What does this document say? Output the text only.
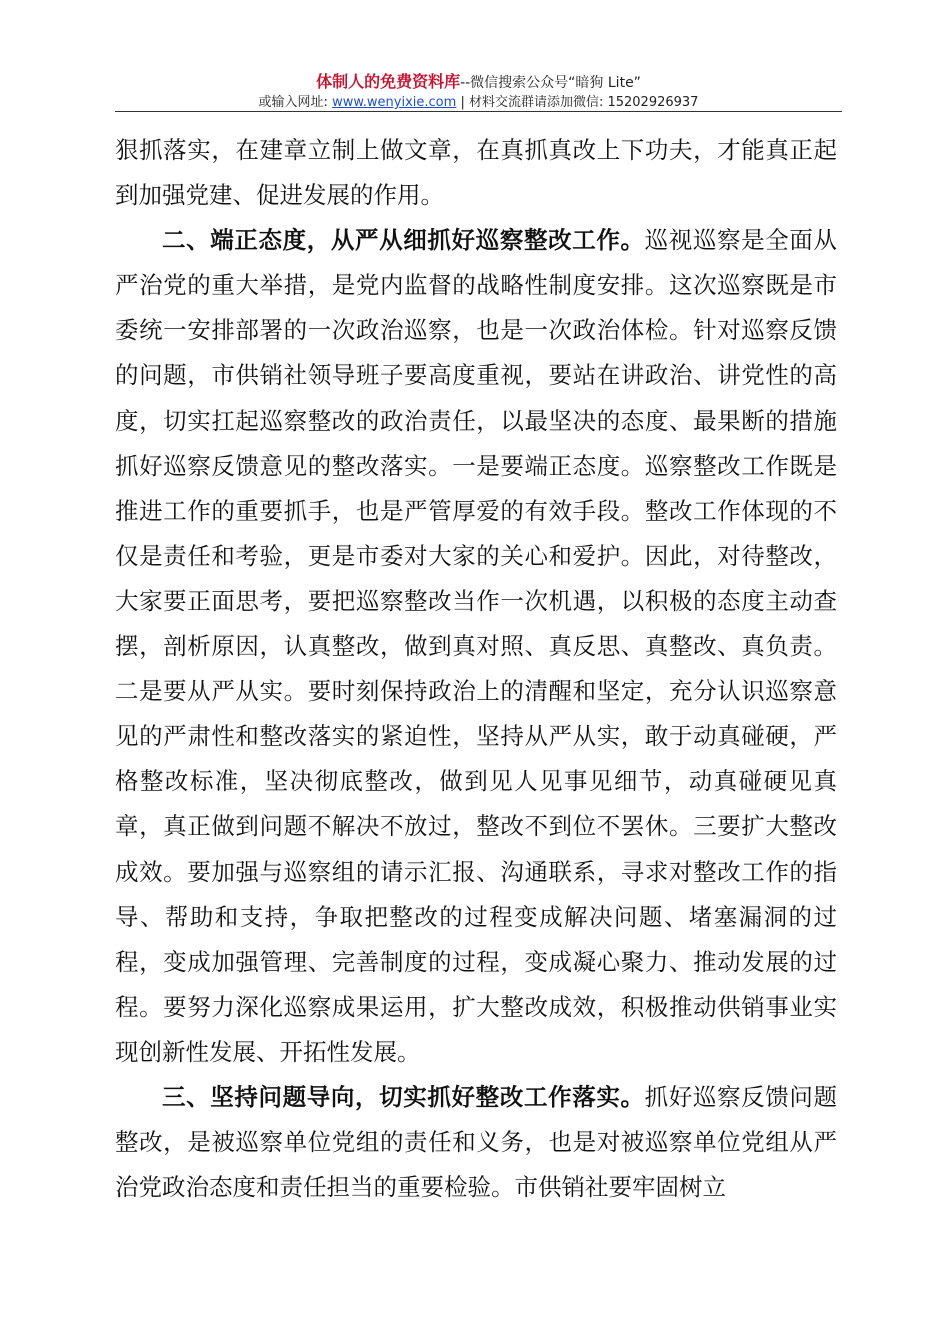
体制人的免费资料库--微信搜索公众号“暗狗 Lite”
或输入网址: www.wenyixie.com | 材料交流群请添加微信: 15202926937

狠抓落实，在建章立制上做文章，在真抓真改上下功夫，才能真正起到加强党建、促进发展的作用。

二、端正态度，从严从细抓好巡察整改工作。巡视巡察是全面从严治党的重大举措，是党内监督的战略性制度安排。这次巡察既是市委统一安排部署的一次政治巡察，也是一次政治体检。针对巡察反馈的问题，市供销社领导班子要高度重视，要站在讲政治、讲党性的高度，切实扛起巡察整改的政治责任，以最坚决的态度、最果断的措施抓好巡察反馈意见的整改落实。一是要端正态度。巡察整改工作既是推进工作的重要抓手，也是严管厚爱的有效手段。整改工作体现的不仅是责任和考验，更是市委对大家的关心和爱护。因此，对待整改，大家要正面思考，要把巡察整改当作一次机遇，以积极的态度主动查摆，剖析原因，认真整改，做到真对照、真反思、真整改、真负责。二是要从严从实。要时刻保持政治上的清醒和坚定，充分认识巡察意见的严肃性和整改落实的紧迫性，坚持从严从实，敢于动真碰硬，严格整改标准，坚决彻底整改，做到见人见事见细节，动真碰硬见真章，真正做到问题不解决不放过，整改不到位不罢休。三要扩大整改成效。要加强与巡察组的请示汇报、沟通联系，寻求对整改工作的指导、帮助和支持，争取把整改的过程变成解决问题、堵塞漏洞的过程，变成加强管理、完善制度的过程，变成凝心聚力、推动发展的过程。要努力深化巡察成果运用，扩大整改成效，积极推动供销事业实现创新性发展、开拓性发展。

三、坚持问题导向，切实抓好整改工作落实。抓好巡察反馈问题整改，是被巡察单位党组的责任和义务，也是对被巡察单位党组从严治党政治态度和责任担当的重要检验。市供销社要牢固树立
